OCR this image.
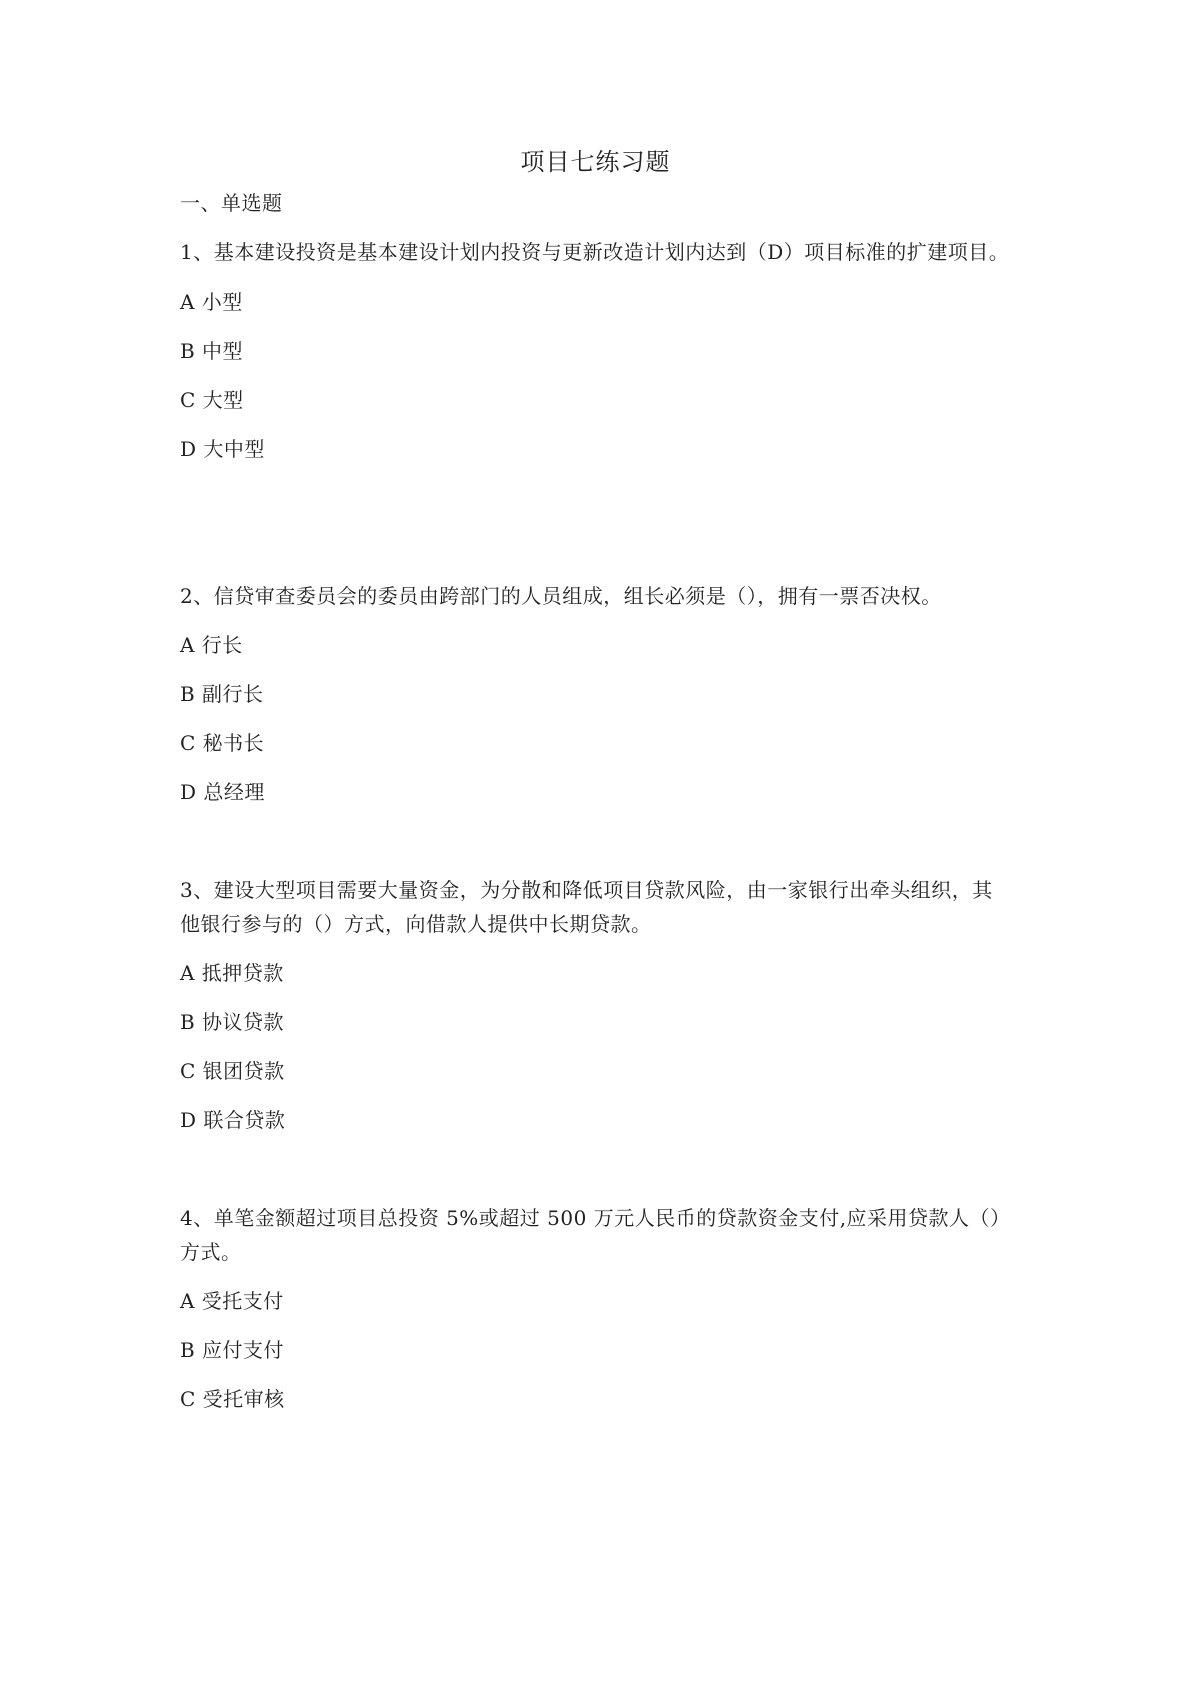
项目七练习题
一、单选题
1、基本建设投资是基本建设计划内投资与更新改造计划内达到（D）项目标准的扩建项目。
A 小型
B 中型
C 大型
D 大中型
2、信贷审查委员会的委员由跨部门的人员组成，组长必须是（），拥有一票否决权。
A 行长
B 副行长
C 秘书长
D 总经理
3、建设大型项目需要大量资金，为分散和降低项目贷款风险，由一家银行出牵头组织，其
他银行参与的（）方式，向借款人提供中长期贷款。
A 抵押贷款
B 协议贷款
C 银团贷款
D 联合贷款
4、单笔金额超过项目总投资 5%或超过 500 万元人民币的贷款资金支付,应采用贷款人（）
方式。
A 受托支付
B 应付支付
C 受托审核
